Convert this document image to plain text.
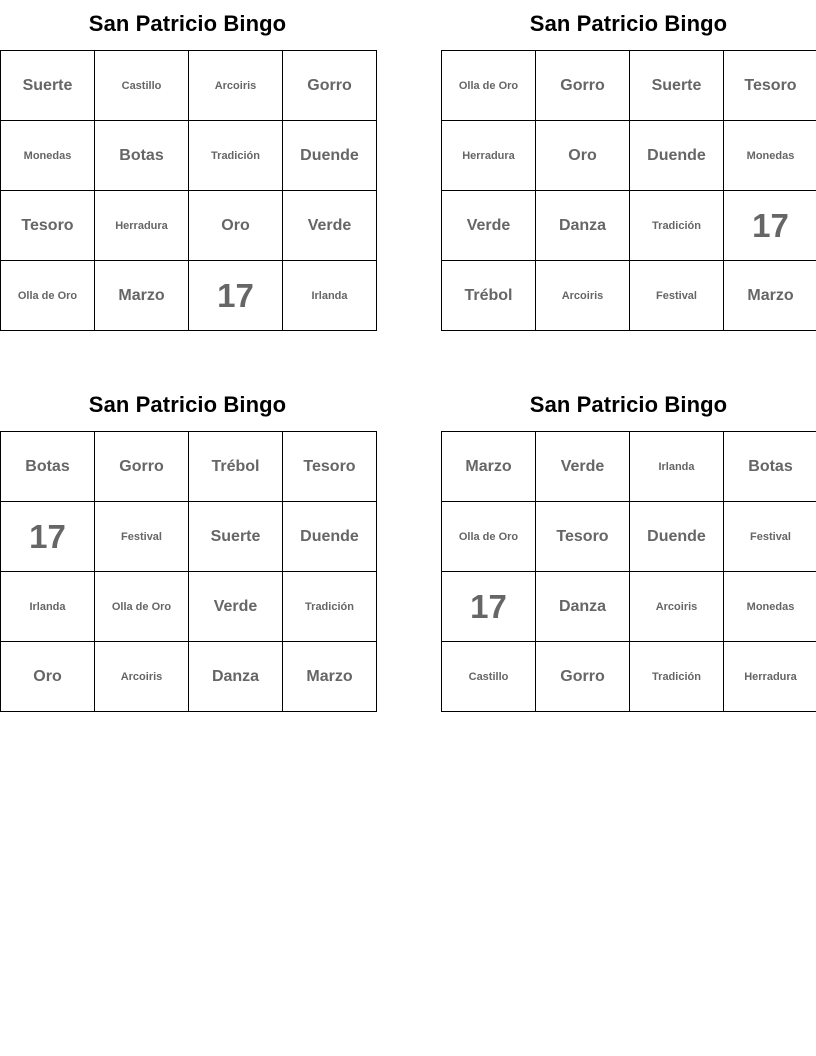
San Patricio Bingo
Suerte	Castillo	Arcoiris	Gorro
Monedas	Botas	Tradición	Duende
Tesoro	Herradura	Oro	Verde
Olla de Oro	Marzo	17	Irlanda
San Patricio Bingo
Olla de Oro	Gorro	Suerte	Tesoro
Herradura	Oro	Duende	Monedas
Verde	Danza	Tradición	17
Trébol	Arcoiris	Festival	Marzo
San Patricio Bingo
Botas	Gorro	Trébol	Tesoro
17	Festival	Suerte	Duende
Irlanda	Olla de Oro	Verde	Tradición
Oro	Arcoiris	Danza	Marzo
San Patricio Bingo
Marzo	Verde	Irlanda	Botas
Olla de Oro	Tesoro	Duende	Festival
17	Danza	Arcoiris	Monedas
Castillo	Gorro	Tradición	Herradura
